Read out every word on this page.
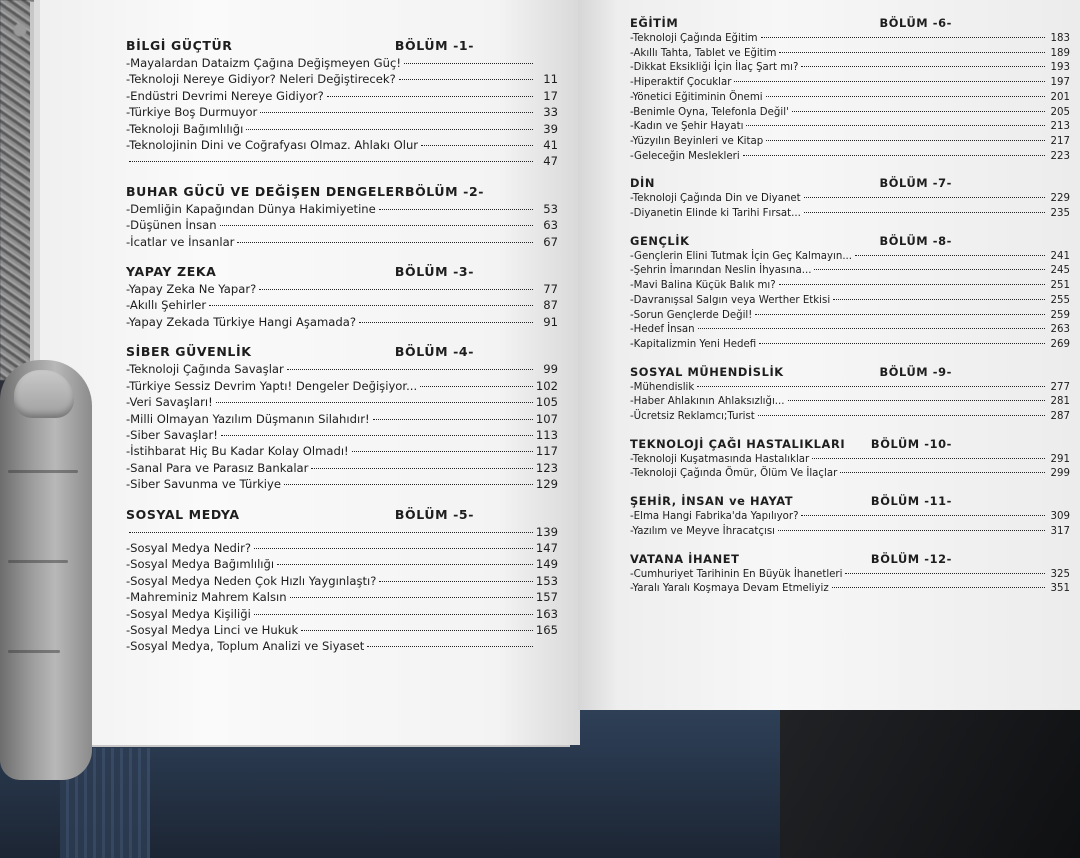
BİLGİ GÜÇTÜR	BÖLÜM -1-
-Mayalardan Dataizm Çağına Değişmeyen Güç!
-Teknoloji Nereye Gidiyor? Neleri Değiştirecek?	11
-Endüstri Devrimi Nereye Gidiyor?	17
-Türkiye Boş Durmuyor	33
-Teknoloji Bağımlılığı	39
-Teknolojinin Dini ve Coğrafyası Olmaz. Ahlakı Olur	41
47
BUHAR GÜCÜ VE DEĞİŞEN DENGELER BÖLÜM -2-
-Demliğin Kapağından Dünya Hakimiyetine	53
-Düşünen İnsan	63
-İcatlar ve İnsanlar	67
YAPAY ZEKA	BÖLÜM -3-
-Yapay Zeka Ne Yapar?	77
-Akıllı Şehirler	87
-Yapay Zekada Türkiye Hangi Aşamada?	91
SİBER GÜVENLİK	BÖLÜM -4-
-Teknoloji Çağında Savaşlar	99
-Türkiye Sessiz Devrim Yaptı! Dengeler Değişiyor...	102
-Veri Savaşları!	105
-Milli Olmayan Yazılım Düşmanın Silahıdır!	107
-Siber Savaşlar!	113
-İstihbarat Hiç Bu Kadar Kolay Olmadı!	117
-Sanal Para ve Parasız Bankalar	123
-Siber Savunma ve Türkiye	129
SOSYAL MEDYA	BÖLÜM -5-
139
-Sosyal Medya Nedir?	147
-Sosyal Medya Bağımlılığı	149
-Sosyal Medya Neden Çok Hızlı Yaygınlaştı?	153
-Mahreminiz Mahrem Kalsın	157
-Sosyal Medya Kişiliği	163
-Sosyal Medya Linci ve Hukuk	165
-Sosyal Medya, Toplum Analizi ve Siyaset
EĞİTİM	BÖLÜM -6-
-Teknoloji Çağında Eğitim	183
-Akıllı Tahta, Tablet ve Eğitim	189
-Dikkat Eksikliği İçin İlaç Şart mı?	193
-Hiperaktif Çocuklar	197
-Yönetici Eğitiminin Önemi	201
-Benimle Oyna, Telefonla Değil'	205
-Kadın ve Şehir Hayatı	213
-Yüzyılın Beyinleri ve Kitap	217
-Geleceğin Meslekleri	223
DİN	BÖLÜM -7-
-Teknoloji Çağında Din ve Diyanet	229
-Diyanetin Elinde ki Tarihi Fırsat...	235
GENÇLİK	BÖLÜM -8-
-Gençlerin Elini Tutmak İçin Geç Kalmayın...	241
-Şehrin İmarından Neslin İhyasına...	245
-Mavi Balina Küçük Balık mı?	251
-Davranışsal Salgın veya Werther Etkisi	255
-Sorun Gençlerde Değil!	259
-Hedef İnsan	263
-Kapitalizmin Yeni Hedefi	269
SOSYAL MÜHENDİSLİK	BÖLÜM -9-
-Mühendislik	277
-Haber Ahlakının Ahlaksızlığı...	281
-Ücretsiz Reklamcı;Turist	287
TEKNOLOJİ ÇAĞI HASTALIKLARI BÖLÜM -10-
-Teknoloji Kuşatmasında Hastalıklar	291
-Teknoloji Çağında Ömür, Ölüm Ve İlaçlar	299
ŞEHİR, İNSAN ve HAYAT	BÖLÜM -11-
-Elma Hangi Fabrika'da Yapılıyor?	309
-Yazılım ve Meyve İhracatçısı	317
VATANA İHANET	BÖLÜM -12-
-Cumhuriyet Tarihinin En Büyük İhanetleri	325
-Yaralı Yaralı Koşmaya Devam Etmeliyiz	351
